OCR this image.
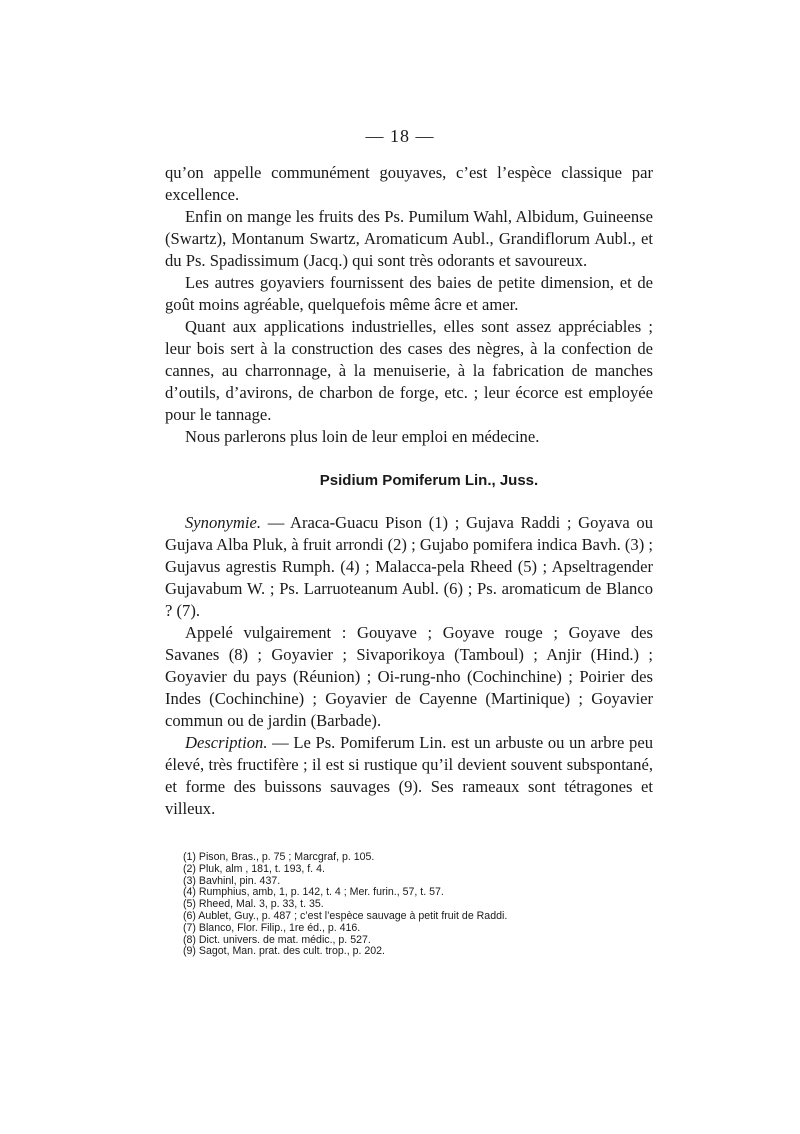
— 18 —

qu’on appelle communément gouyaves, c’est l’espèce classique par excellence.

Enfin on mange les fruits des Ps. Pumilum Wahl, Albidum, Guineense (Swartz), Montanum Swartz, Aromaticum Aubl., Grandiflorum Aubl., et du Ps. Spadissimum (Jacq.) qui sont très odorants et savoureux.

Les autres goyaviers fournissent des baies de petite dimension, et de goût moins agréable, quelquefois même âcre et amer.

Quant aux applications industrielles, elles sont assez appréciables ; leur bois sert à la construction des cases des nègres, à la confection de cannes, au charronnage, à la menuiserie, à la fabrication de manches d’outils, d’avirons, de charbon de forge, etc. ; leur écorce est employée pour le tannage.

Nous parlerons plus loin de leur emploi en médecine.

Psidium Pomiferum Lin., Juss.

Synonymie. — Araca-Guacu Pison (1) ; Gujava Raddi ; Goyava ou Gujava Alba Pluk, à fruit arrondi (2) ; Gujabo pomifera indica Bavh. (3) ; Gujavus agrestis Rumph. (4) ; Malacca-pela Rheed (5) ; Apseltragender Gujavabum W. ; Ps. Larruoteanum Aubl. (6) ; Ps. aromaticum de Blanco ? (7).

Appelé vulgairement : Gouyave ; Goyave rouge ; Goyave des Savanes (8) ; Goyavier ; Sivaporikoya (Tamboul) ; Anjir (Hind.) ; Goyavier du pays (Réunion) ; Oi-rung-nho (Cochinchine) ; Poirier des Indes (Cochinchine) ; Goyavier de Cayenne (Martinique) ; Goyavier commun ou de jardin (Barbade).

Description. — Le Ps. Pomiferum Lin. est un arbuste ou un arbre peu élevé, très fructifère ; il est si rustique qu’il devient souvent subspontané, et forme des buissons sauvages (9). Ses rameaux sont tétragones et villeux.

(1) Pison, Bras., p. 75 ; Marcgraf, p. 105.
(2) Pluk, alm , 181, t. 193, f. 4.
(3) Bavhinl, pin. 437.
(4) Rumphius, amb, 1, p. 142, t. 4 ; Mer. furin., 57, t. 57.
(5) Rheed, Mal. 3, p. 33, t. 35.
(6) Aublet, Guy., p. 487 ; c’est l’espèce sauvage à petit fruit de Raddi.
(7) Blanco, Flor. Filip., 1re éd., p. 416.
(8) Dict. univers. de mat. médic., p. 527.
(9) Sagot, Man. prat. des cult. trop., p. 202.
